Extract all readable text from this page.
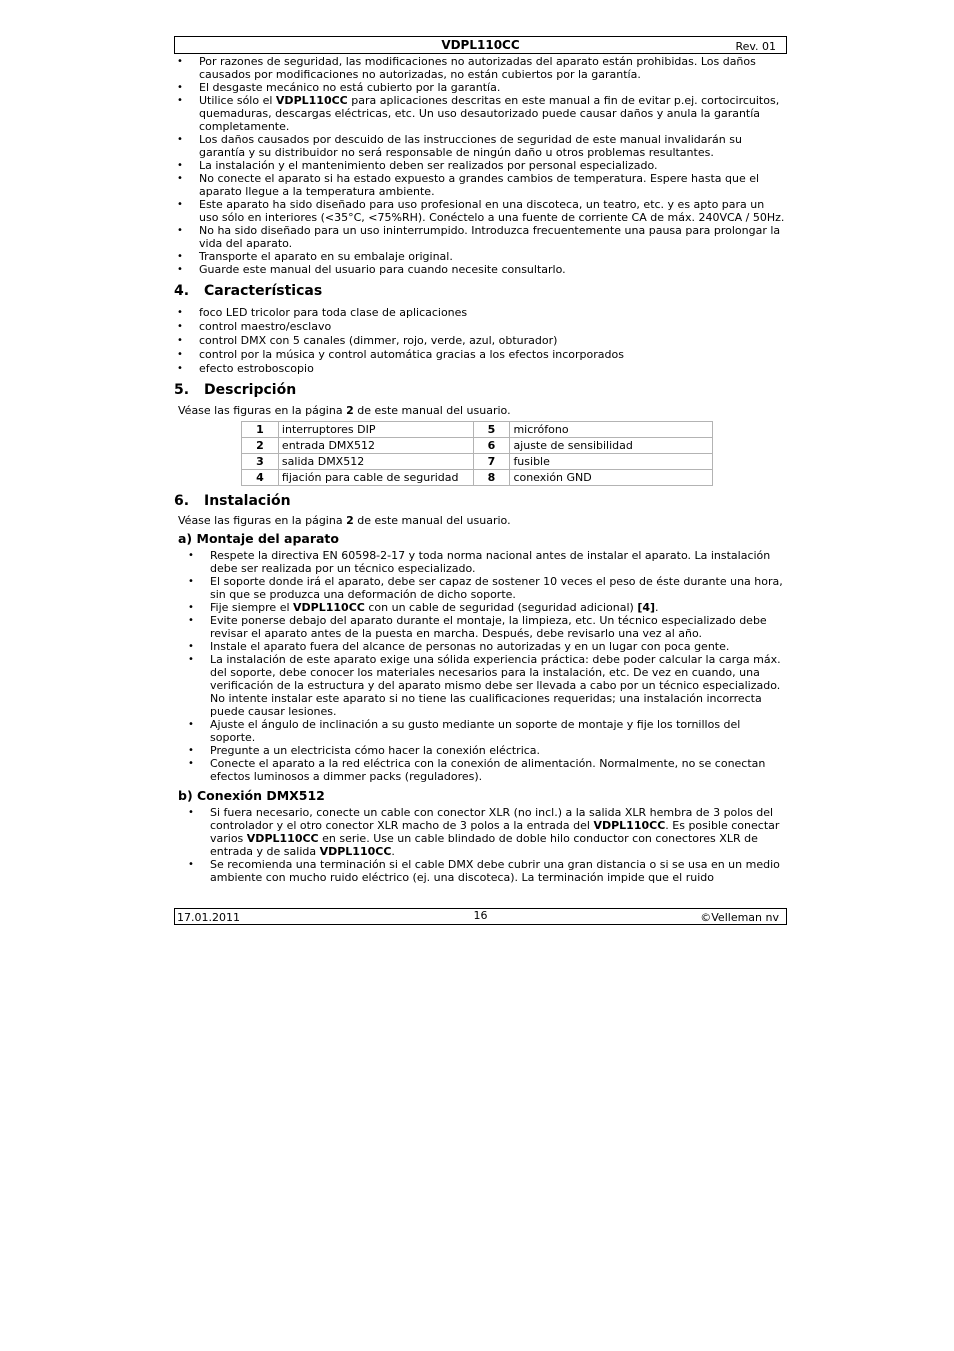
VDPL110CC	Rev. 01
• Por razones de seguridad, las modificaciones no autorizadas del aparato están prohibidas. Los daños causados por modificaciones no autorizadas, no están cubiertos por la garantía.
• El desgaste mecánico no está cubierto por la garantía.
• Utilice sólo el VDPL110CC para aplicaciones descritas en este manual a fin de evitar p.ej. cortocircuitos, quemaduras, descargas eléctricas, etc. Un uso desautorizado puede causar daños y anula la garantía completamente.
• Los daños causados por descuido de las instrucciones de seguridad de este manual invalidarán su garantía y su distribuidor no será responsable de ningún daño u otros problemas resultantes.
• La instalación y el mantenimiento deben ser realizados por personal especializado.
• No conecte el aparato si ha estado expuesto a grandes cambios de temperatura. Espere hasta que el aparato llegue a la temperatura ambiente.
• Este aparato ha sido diseñado para uso profesional en una discoteca, un teatro, etc. y es apto para un uso sólo en interiores (<35°C, <75%RH). Conéctelo a una fuente de corriente CA de máx. 240VCA / 50Hz.
• No ha sido diseñado para un uso ininterrumpido. Introduzca frecuentemente una pausa para prolongar la vida del aparato.
• Transporte el aparato en su embalaje original.
• Guarde este manual del usuario para cuando necesite consultarlo.
4. Características
• foco LED tricolor para toda clase de aplicaciones
• control maestro/esclavo
• control DMX con 5 canales (dimmer, rojo, verde, azul, obturador)
• control por la música y control automática gracias a los efectos incorporados
• efecto estroboscopio
5. Descripción

Véase las figuras en la página 2 de este manual del usuario.

1	interruptores DIP	5	micrófono
2	entrada DMX512	6	ajuste de sensibilidad
3	salida DMX512	7	fusible
4	fijación para cable de seguridad	8	conexión GND
6. Instalación

Véase las figuras en la página 2 de este manual del usuario.

a) Montaje del aparato
• Respete la directiva EN 60598-2-17 y toda norma nacional antes de instalar el aparato. La instalación debe ser realizada por un técnico especializado.
• El soporte donde irá el aparato, debe ser capaz de sostener 10 veces el peso de éste durante una hora, sin que se produzca una deformación de dicho soporte.
• Fije siempre el VDPL110CC con un cable de seguridad (seguridad adicional) [4].
• Evite ponerse debajo del aparato durante el montaje, la limpieza, etc. Un técnico especializado debe revisar el aparato antes de la puesta en marcha. Después, debe revisarlo una vez al año.
• Instale el aparato fuera del alcance de personas no autorizadas y en un lugar con poca gente.
• La instalación de este aparato exige una sólida experiencia práctica: debe poder calcular la carga máx. del soporte, debe conocer los materiales necesarios para la instalación, etc. De vez en cuando, una verificación de la estructura y del aparato mismo debe ser llevada a cabo por un técnico especializado. No intente instalar este aparato si no tiene las cualificaciones requeridas; una instalación incorrecta puede causar lesiones.
• Ajuste el ángulo de inclinación a su gusto mediante un soporte de montaje y fije los tornillos del soporte.
• Pregunte a un electricista cómo hacer la conexión eléctrica.
• Conecte el aparato a la red eléctrica con la conexión de alimentación. Normalmente, no se conectan efectos luminosos a dimmer packs (reguladores).
b) Conexión DMX512
• Si fuera necesario, conecte un cable con conector XLR (no incl.) a la salida XLR hembra de 3 polos del controlador y el otro conector XLR macho de 3 polos a la entrada del VDPL110CC. Es posible conectar varios VDPL110CC en serie. Use un cable blindado de doble hilo conductor con conectores XLR de entrada y de salida VDPL110CC.
• Se recomienda una terminación si el cable DMX debe cubrir una gran distancia o si se usa en un medio ambiente con mucho ruido eléctrico (ej. una discoteca). La terminación impide que el ruido
17.01.2011	16	©Velleman nv
